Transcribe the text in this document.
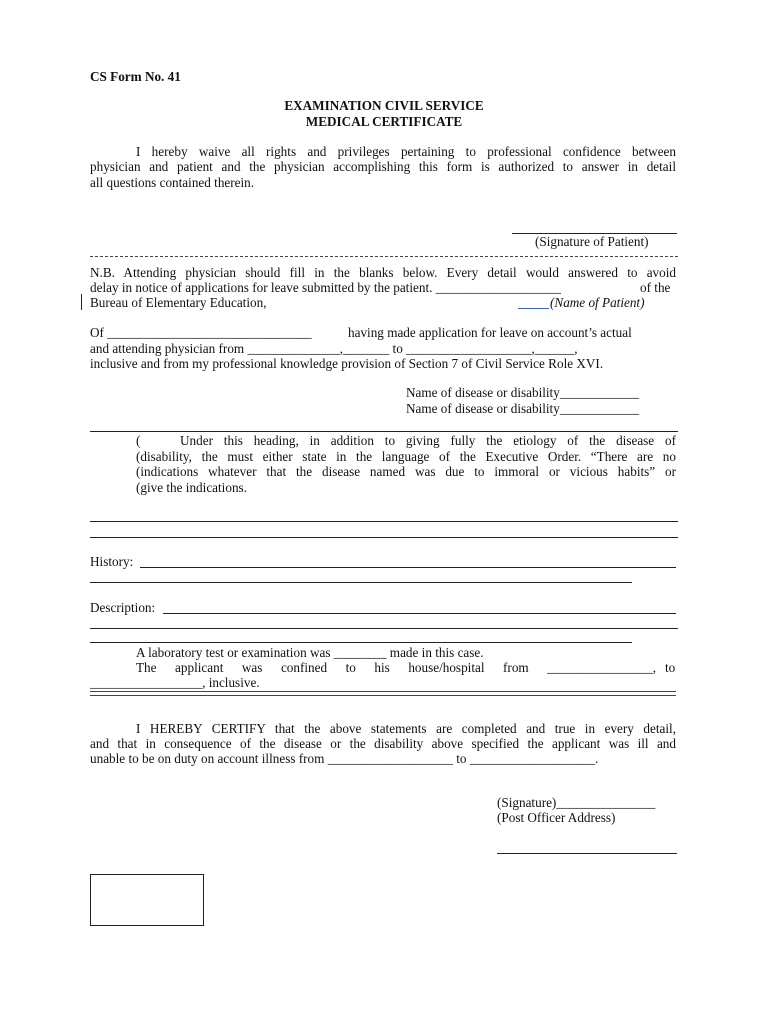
CS Form No. 41
EXAMINATION CIVIL SERVICE
MEDICAL CERTIFICATE
I hereby waive all rights and privileges pertaining to professional confidence between
physician and patient and the physician accomplishing this form is authorized to answer in detail
all questions contained therein.
(Signature of Patient)
N.B. Attending physician should fill in the blanks below. Every detail would answered to avoid
delay in notice of applications for leave submitted by the patient. ___________________	of the
Bureau of Elementary Education,	(Name of Patient)
Of _______________________________	having made application for leave on account’s actual
and attending physician from ______________,_______ to ___________________,______,
inclusive and from my professional knowledge provision of Section 7 of Civil Service Role XVI.
Name of disease or disability____________
Name of disease or disability____________
(	Under this heading, in addition to giving fully the etiology of the disease of
(disability, the must either state in the language of the Executive Order. “There are no
(indications whatever that the disease named was due to immoral or vicious habits” or
(give the indications.
History:
Description:
A laboratory test or examination was ________ made in this case.
The applicant was confined to his house/hospital from ________________, to
_________________, inclusive.
I HEREBY CERTIFY that the above statements are completed and true in every detail,
and that in consequence of the disease or the disability above specified the applicant was ill and
unable to be on duty on account illness from ___________________ to ___________________.
(Signature)_______________
(Post Officer Address)
